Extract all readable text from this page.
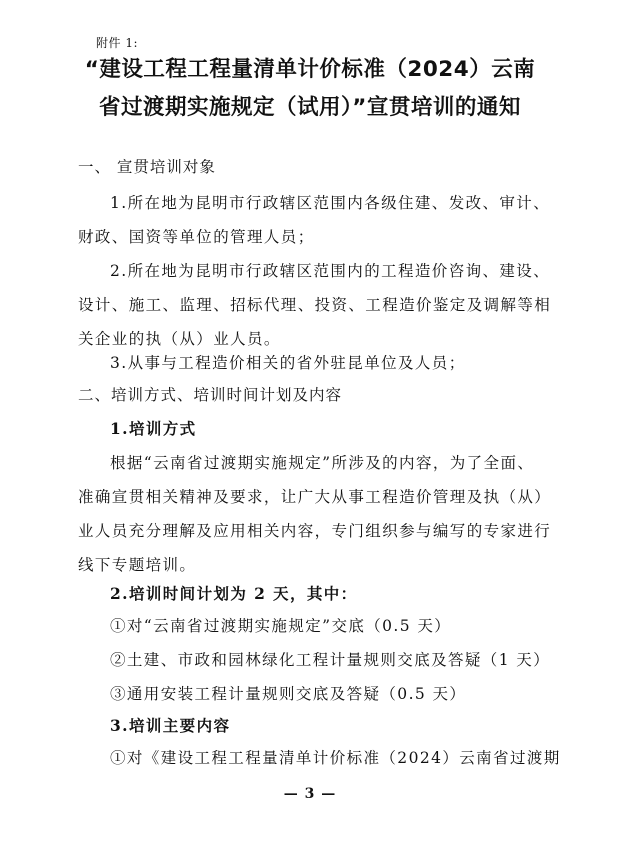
附件 1:
“建设工程工程量清单计价标准（2024）云南
省过渡期实施规定（试用）”宣贯培训的通知
一、 宣贯培训对象
1.所在地为昆明市行政辖区范围内各级住建、发改、审计、
财政、国资等单位的管理人员；
2.所在地为昆明市行政辖区范围内的工程造价咨询、建设、
设计、施工、监理、招标代理、投资、工程造价鉴定及调解等相
关企业的执（从）业人员。
3.从事与工程造价相关的省外驻昆单位及人员；
二、培训方式、培训时间计划及内容
1.培训方式
根据“云南省过渡期实施规定”所涉及的内容，为了全面、
准确宣贯相关精神及要求，让广大从事工程造价管理及执（从）
业人员充分理解及应用相关内容，专门组织参与编写的专家进行
线下专题培训。
2.培训时间计划为 2 天，其中：
①对“云南省过渡期实施规定”交底（0.5 天）
②土建、市政和园林绿化工程计量规则交底及答疑（1 天）
③通用安装工程计量规则交底及答疑（0.5 天）
3.培训主要内容
①对《建设工程工程量清单计价标准（2024）云南省过渡期
— 3 —
